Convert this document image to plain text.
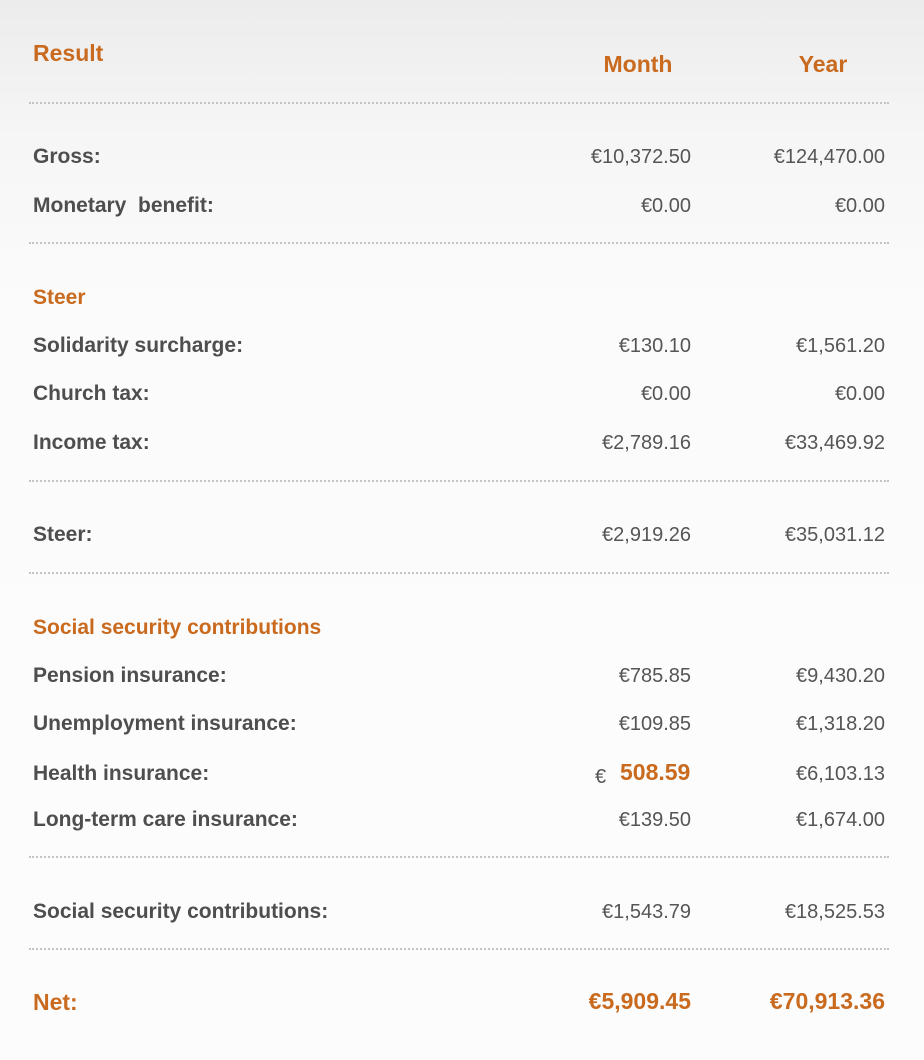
Result	Month	Year
Gross:	€10,372.50	€124,470.00
Monetary  benefit:	€0.00	€0.00
Steer
Solidarity surcharge:	€130.10	€1,561.20
Church tax:	€0.00	€0.00
Income tax:	€2,789.16	€33,469.92
Steer:	€2,919.26	€35,031.12
Social security contributions
Pension insurance:	€785.85	€9,430.20
Unemployment insurance:	€109.85	€1,318.20
Health insurance:	€ 508.59	€6,103.13
Long-term care insurance:	€139.50	€1,674.00
Social security contributions:	€1,543.79	€18,525.53
Net:	€5,909.45	€70,913.36
